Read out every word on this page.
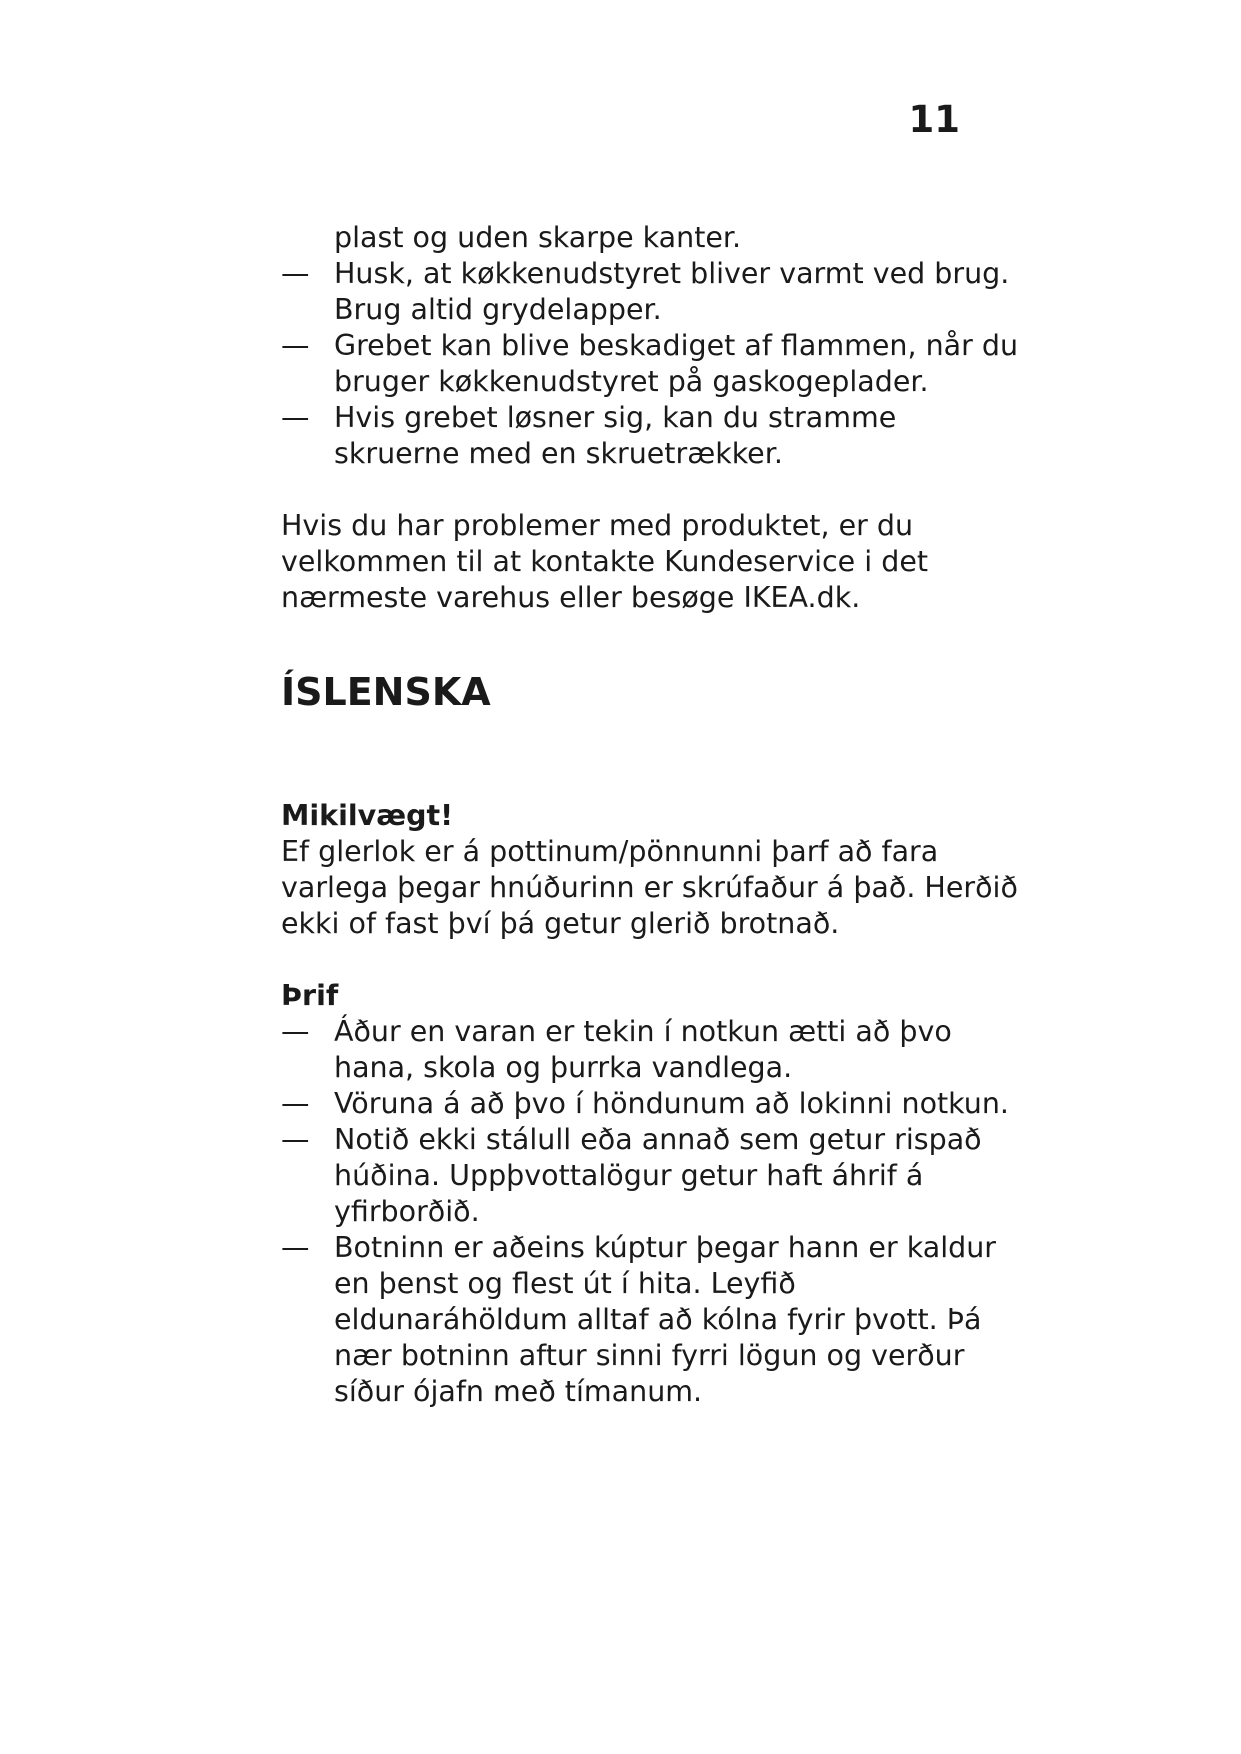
11
plast og uden skarpe kanter.
— Husk, at køkkenudstyret bliver varmt ved brug. Brug altid grydelapper.
— Grebet kan blive beskadiget af flammen, når du bruger køkkenudstyret på gaskogeplader.
— Hvis grebet løsner sig, kan du stramme skruerne med en skruetrækker.

Hvis du har problemer med produktet, er du velkommen til at kontakte Kundeservice i det nærmeste varehus eller besøge IKEA.dk.

ÍSLENSKA
Mikilvægt!

Ef glerlok er á pottinum/pönnunni þarf að fara varlega þegar hnúðurinn er skrúfaður á það. Herðið ekki of fast því þá getur glerið brotnað.

Þrif
— Áður en varan er tekin í notkun ætti að þvo hana, skola og þurrka vandlega.
— Vöruna á að þvo í höndunum að lokinni notkun.
— Notið ekki stálull eða annað sem getur rispað húðina. Uppþvottalögur getur haft áhrif á yfirborðið.
— Botninn er aðeins kúptur þegar hann er kaldur en þenst og flest út í hita. Leyfið eldunaráhöldum alltaf að kólna fyrir þvott. Þá nær botninn aftur sinni fyrri lögun og verður síður ójafn með tímanum.
